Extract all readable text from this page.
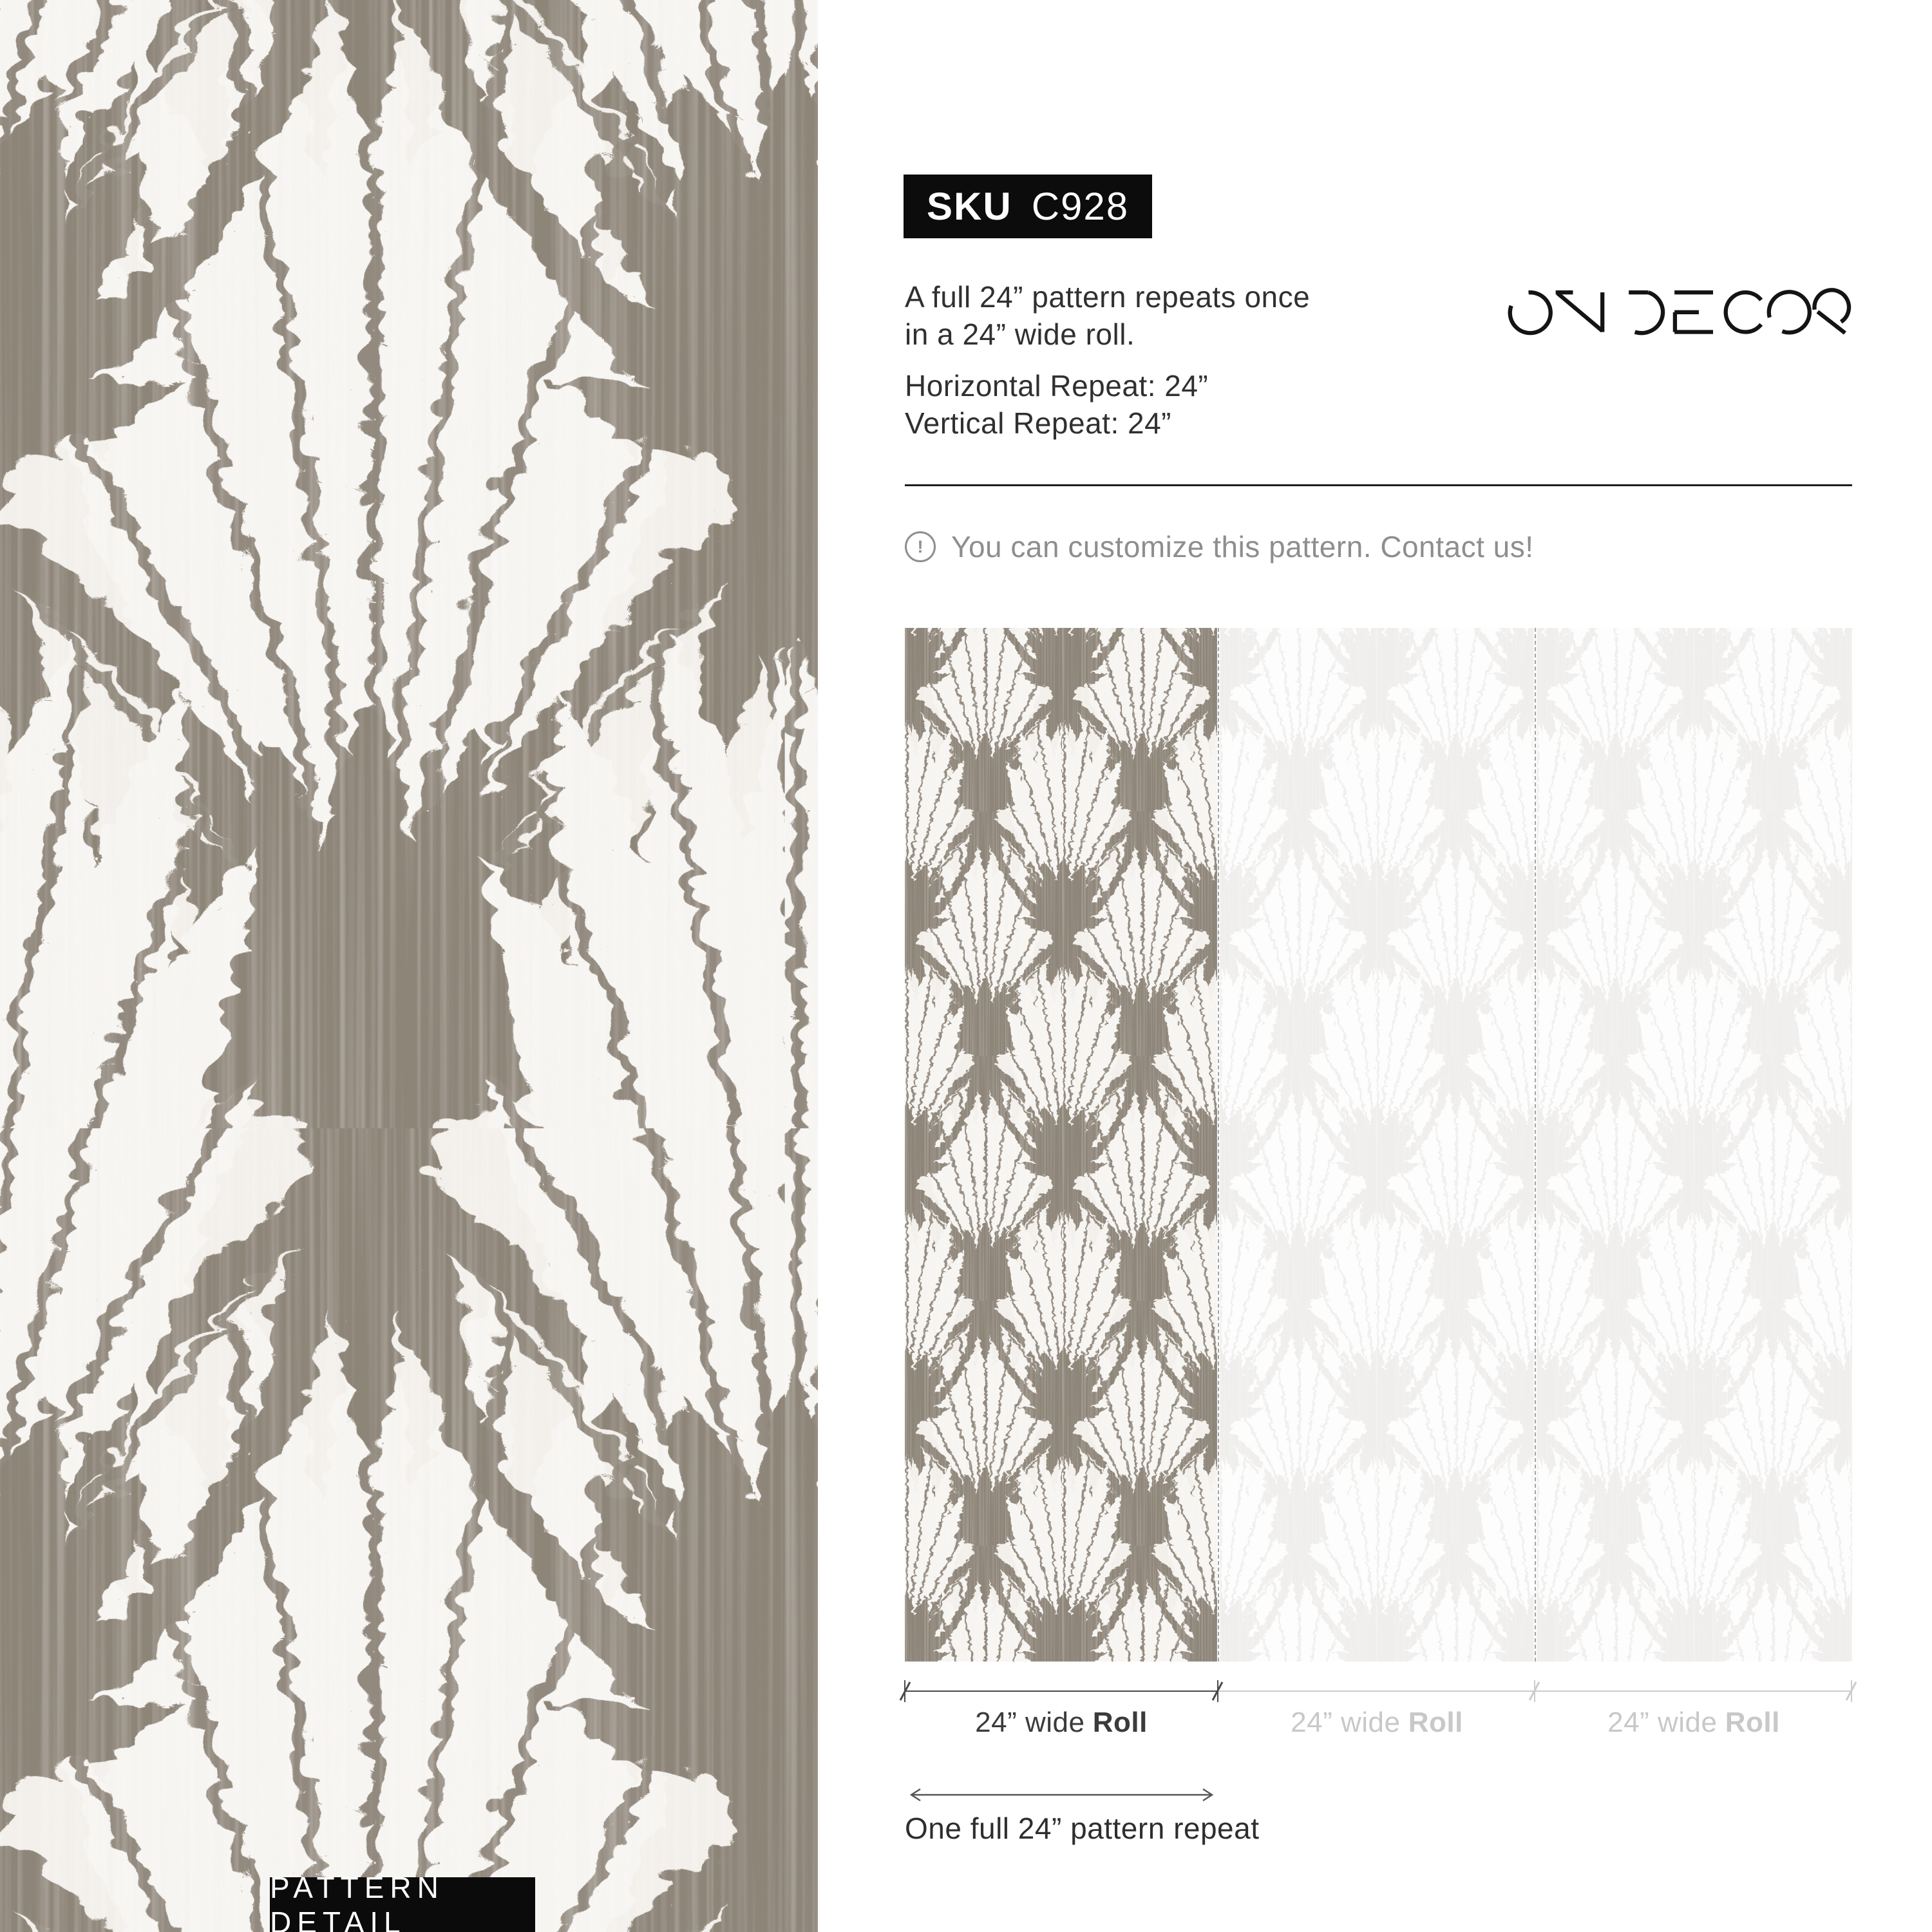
PATTERN DETAIL
SKU C928
A full 24” pattern repeats once
in a 24” wide roll.
Horizontal Repeat: 24”
Vertical Repeat: 24”
! You can customize this pattern. Contact us!
24” wide Roll	24” wide Roll	24” wide Roll
One full 24” pattern repeat
